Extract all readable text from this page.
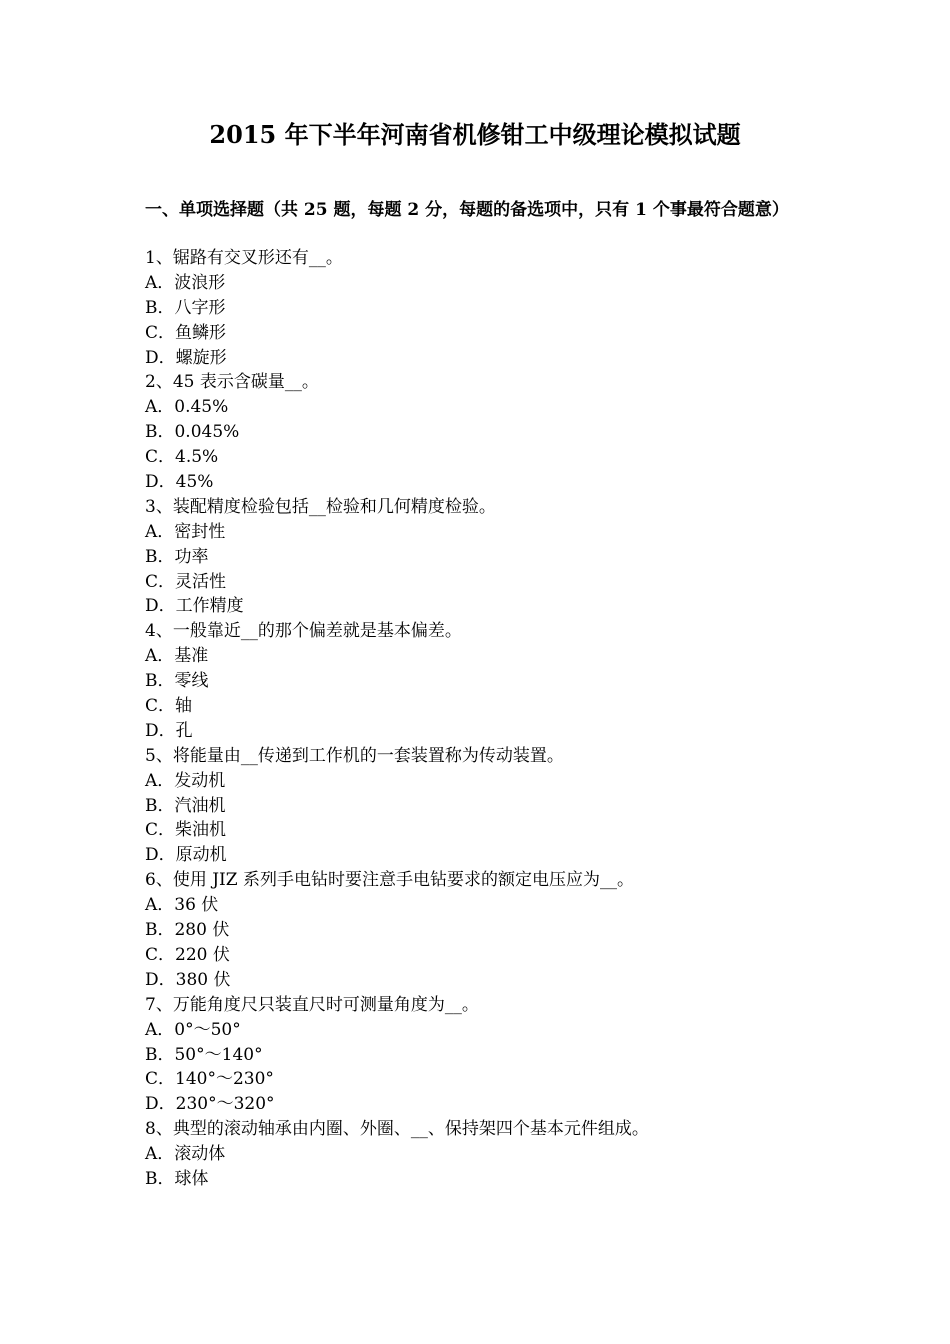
2015 年下半年河南省机修钳工中级理论模拟试题
一、单项选择题（共 25 题，每题 2 分，每题的备选项中，只有 1 个事最符合题意）
1、锯路有交叉形还有__。
A．波浪形
B．八字形
C．鱼鳞形
D．螺旋形
2、45 表示含碳量__。
A．0.45%
B．0.045%
C．4.5%
D．45%
3、装配精度检验包括__检验和几何精度检验。
A．密封性
B．功率
C．灵活性
D．工作精度
4、一般靠近__的那个偏差就是基本偏差。
A．基准
B．零线
C．轴
D．孔
5、将能量由__传递到工作机的一套装置称为传动装置。
A．发动机
B．汽油机
C．柴油机
D．原动机
6、使用 JIZ 系列手电钻时要注意手电钻要求的额定电压应为__。
A．36 伏
B．280 伏
C．220 伏
D．380 伏
7、万能角度尺只装直尺时可测量角度为__。
A．0°～50°
B．50°～140°
C．140°～230°
D．230°～320°
8、典型的滚动轴承由内圈、外圈、__、保持架四个基本元件组成。
A．滚动体
B．球体
